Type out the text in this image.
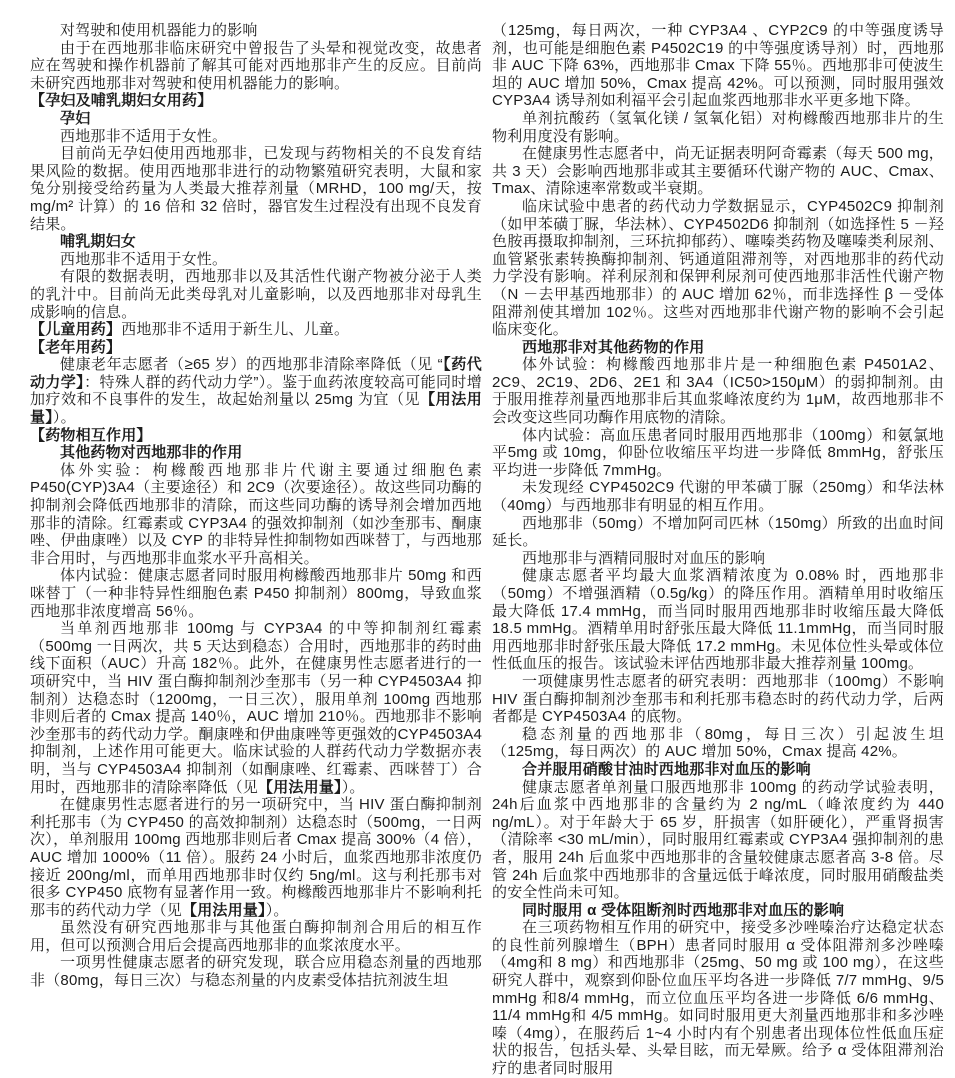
对驾驶和使用机器能力的影响

由于在西地那非临床研究中曾报告了头晕和视觉改变，故患者应在驾驶和操作机器前了解其可能对西地那非产生的反应。目前尚未研究西地那非对驾驶和使用机器能力的影响。

【孕妇及哺乳期妇女用药】

孕妇

西地那非不适用于女性。

目前尚无孕妇使用西地那非，已发现与药物相关的不良发育结果风险的数据。使用西地那非进行的动物繁殖研究表明，大鼠和家兔分别接受给药量为人类最大推荐剂量（MRHD，100 mg/天，按mg/m² 计算）的 16 倍和 32 倍时，器官发生过程没有出现不良发育结果。

哺乳期妇女

西地那非不适用于女性。

有限的数据表明，西地那非以及其活性代谢产物被分泌于人类的乳汁中。目前尚无此类母乳对儿童影响，以及西地那非对母乳生成影响的信息。

【儿童用药】西地那非不适用于新生儿、儿童。

【老年用药】

健康老年志愿者（≥65 岁）的西地那非清除率降低（见 “【药代动力学】：特殊人群的药代动力学”）。鉴于血药浓度较高可能同时增加疗效和不良事件的发生，故起始剂量以 25mg 为宜（见【用法用量】）。

【药物相互作用】

其他药物对西地那非的作用

体外实验：枸橼酸西地那非片代谢主要通过细胞色素P450(CYP)3A4（主要途径）和 2C9（次要途径）。故这些同功酶的抑制剂会降低西地那非的清除，而这些同功酶的诱导剂会增加西地那非的清除。红霉素或 CYP3A4 的强效抑制剂（如沙奎那韦、酮康唑、伊曲康唑）以及 CYP 的非特异性抑制物如西咪替丁，与西地那非合用时，与西地那非血浆水平升高相关。

体内试验：健康志愿者同时服用枸橼酸西地那非片 50mg 和西咪替丁（一种非特异性细胞色素 P450 抑制剂）800mg，导致血浆西地那非浓度增高 56％。

当单剂西地那非 100mg 与 CYP3A4 的中等抑制剂红霉素（500mg 一日两次，共 5 天达到稳态）合用时，西地那非的药时曲线下面积（AUC）升高 182％。此外，在健康男性志愿者进行的一项研究中，当 HIV 蛋白酶抑制剂沙奎那韦（另一种 CYP4503A4 抑制剂）达稳态时（1200mg，一日三次），服用单剂 100mg 西地那非则后者的 Cmax 提高 140％，AUC 增加 210％。西地那非不影响沙奎那韦的药代动力学。酮康唑和伊曲康唑等更强效的CYP4503A4 抑制剂，上述作用可能更大。临床试验的人群药代动力学数据亦表明，当与 CYP4503A4 抑制剂（如酮康唑、红霉素、西咪替丁）合用时，西地那非的清除率降低（见【用法用量】）。

在健康男性志愿者进行的另一项研究中，当 HIV 蛋白酶抑制剂利托那韦（为 CYP450 的高效抑制剂）达稳态时（500mg，一日两次），单剂服用 100mg 西地那非则后者 Cmax 提高 300%（4 倍），AUC 增加 1000%（11 倍）。服药 24 小时后，血浆西地那非浓度仍接近 200ng/ml，而单用西地那非时仅约 5ng/ml。这与利托那韦对很多 CYP450 底物有显著作用一致。枸橼酸西地那非片不影响利托那韦的药代动力学（见【用法用量】）。

虽然没有研究西地那非与其他蛋白酶抑制剂合用后的相互作用，但可以预测合用后会提高西地那非的血浆浓度水平。

一项男性健康志愿者的研究发现，联合应用稳态剂量的西地那非（80mg，每日三次）与稳态剂量的内皮素受体拮抗剂波生坦

（125mg，每日两次，一种 CYP3A4 、CYP2C9 的中等强度诱导剂，也可能是细胞色素 P4502C19 的中等强度诱导剂）时，西地那非 AUC 下降 63%，西地那非 Cmax 下降 55％。西地那非可使波生坦的 AUC 增加 50%，Cmax 提高 42%。可以预测，同时服用强效 CYP3A4 诱导剂如利福平会引起血浆西地那非水平更多地下降。

单剂抗酸药（氢氧化镁 / 氢氧化铝）对枸橼酸西地那非片的生物利用度没有影响。

在健康男性志愿者中，尚无证据表明阿奇霉素（每天 500 mg，共 3 天）会影响西地那非或其主要循环代谢产物的 AUC、Cmax、Tmax、清除速率常数或半衰期。

临床试验中患者的药代动力学数据显示，CYP4502C9 抑制剂（如甲苯磺丁脲，华法林）、CYP4502D6 抑制剂（如选择性 5 －羟色胺再摄取抑制剂，三环抗抑郁药）、噻嗪类药物及噻嗪类利尿剂、血管紧张素转换酶抑制剂、钙通道阻滞剂等，对西地那非的药代动力学没有影响。祥利尿剂和保钾利尿剂可使西地那非活性代谢产物（N －去甲基西地那非）的 AUC 增加 62％，而非选择性 β －受体阻滞剂使其增加 102％。这些对西地那非代谢产物的影响不会引起临床变化。

西地那非对其他药物的作用

体外试验：枸橼酸西地那非片是一种细胞色素 P4501A2、2C9、2C19、2D6、2E1 和 3A4（IC50>150μM）的弱抑制剂。由于服用推荐剂量西地那非后其血浆峰浓度约为 1μM，故西地那非不会改变这些同功酶作用底物的清除。

体内试验：高血压患者同时服用西地那非（100mg）和氨氯地平5mg 或 10mg，仰卧位收缩压平均进一步降低 8mmHg，舒张压平均进一步降低 7mmHg。

未发现经 CYP4502C9 代谢的甲苯磺丁脲（250mg）和华法林（40mg）与西地那非有明显的相互作用。

西地那非（50mg）不增加阿司匹林（150mg）所致的出血时间延长。

西地那非与酒精同服时对血压的影响

健康志愿者平均最大血浆酒精浓度为 0.08% 时，西地那非（50mg）不增强酒精（0.5g/kg）的降压作用。酒精单用时收缩压最大降低 17.4 mmHg，而当同时服用西地那非时收缩压最大降低 18.5 mmHg。酒精单用时舒张压最大降低 11.1mmHg，而当同时服用西地那非时舒张压最大降低 17.2 mmHg。未见体位性头晕或体位性低血压的报告。该试验未评估西地那非最大推荐剂量 100mg。

一项健康男性志愿者的研究表明：西地那非（100mg）不影响HIV 蛋白酶抑制剂沙奎那韦和利托那韦稳态时的药代动力学，后两者都是 CYP4503A4 的底物。

稳态剂量的西地那非（80mg，每日三次）引起波生坦（125mg，每日两次）的 AUC 增加 50%，Cmax 提高 42%。

合并服用硝酸甘油时西地那非对血压的影响

健康志愿者单剂量口服西地那非 100mg 的药动学试验表明，24h后血浆中西地那非的含量约为 2 ng/mL（峰浓度约为 440 ng/mL）。对于年龄大于 65 岁，肝损害（如肝硬化），严重肾损害（清除率 <30 mL/min），同时服用红霉素或 CYP3A4 强抑制剂的患者，服用 24h 后血浆中西地那非的含量较健康志愿者高 3-8 倍。尽管 24h 后血浆中西地那非的含量远低于峰浓度，同时服用硝酸盐类的安全性尚未可知。

同时服用 α 受体阻断剂时西地那非对血压的影响

在三项药物相互作用的研究中，接受多沙唑嗪治疗达稳定状态的良性前列腺增生（BPH）患者同时服用 α 受体阻滞剂多沙唑嗪（4mg和 8 mg）和西地那非（25mg、50 mg 或 100 mg），在这些研究人群中，观察到仰卧位血压平均各进一步降低 7/7 mmHg、9/5 mmHg 和8/4 mmHg，而立位血压平均各进一步降低 6/6 mmHg、11/4 mmHg和 4/5 mmHg。如同时服用更大剂量西地那非和多沙唑嗪（4mg），在服药后 1~4 小时内有个别患者出现体位性低血压症状的报告，包括头晕、头晕目眩，而无晕厥。给予 α 受体阻滞剂治疗的患者同时服用
